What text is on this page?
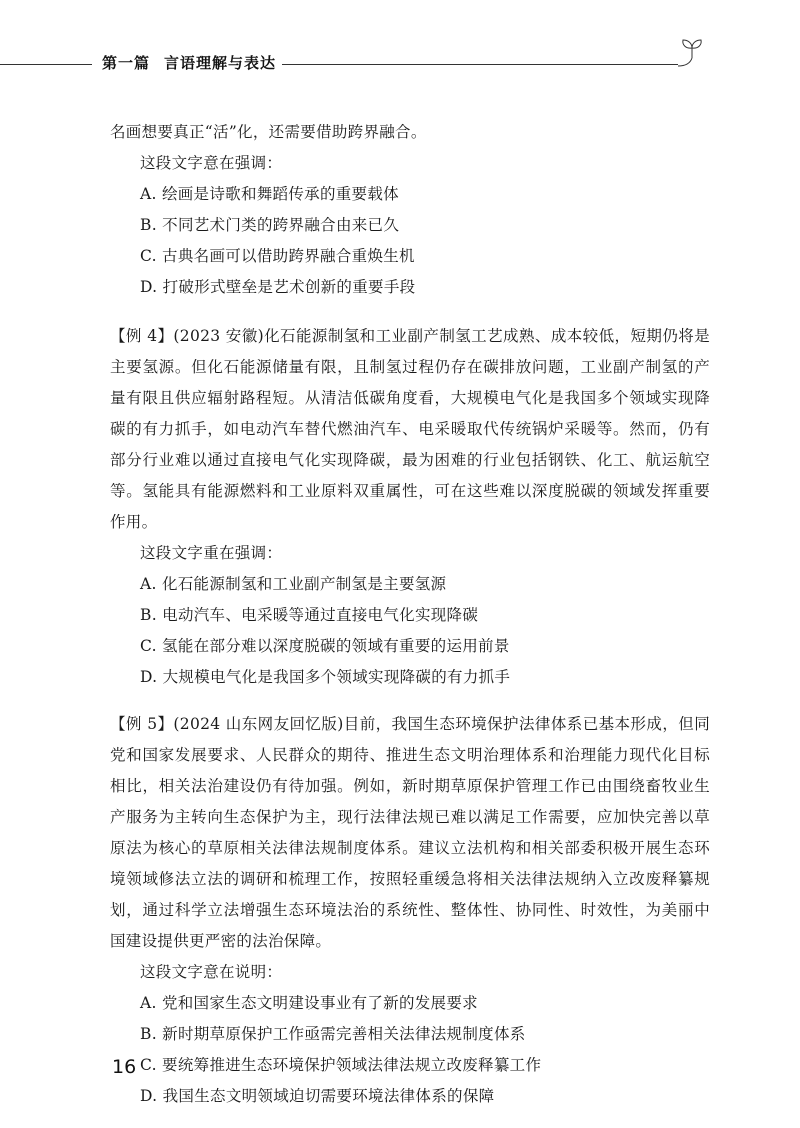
第一篇 言语理解与表达

名画想要真正“活”化，还需要借助跨界融合。

这段文字意在强调：

A. 绘画是诗歌和舞蹈传承的重要载体

B. 不同艺术门类的跨界融合由来已久

C. 古典名画可以借助跨界融合重焕生机

D. 打破形式壁垒是艺术创新的重要手段

【例 4】(2023 安徽)化石能源制氢和工业副产制氢工艺成熟、成本较低，短期仍将是主要氢源。但化石能源储量有限，且制氢过程仍存在碳排放问题，工业副产制氢的产量有限且供应辐射路程短。从清洁低碳角度看，大规模电气化是我国多个领域实现降碳的有力抓手，如电动汽车替代燃油汽车、电采暖取代传统锅炉采暖等。然而，仍有部分行业难以通过直接电气化实现降碳，最为困难的行业包括钢铁、化工、航运航空等。氢能具有能源燃料和工业原料双重属性，可在这些难以深度脱碳的领域发挥重要作用。

这段文字重在强调：

A. 化石能源制氢和工业副产制氢是主要氢源

B. 电动汽车、电采暖等通过直接电气化实现降碳

C. 氢能在部分难以深度脱碳的领域有重要的运用前景

D. 大规模电气化是我国多个领域实现降碳的有力抓手

【例 5】(2024 山东网友回忆版)目前，我国生态环境保护法律体系已基本形成，但同党和国家发展要求、人民群众的期待、推进生态文明治理体系和治理能力现代化目标相比，相关法治建设仍有待加强。例如，新时期草原保护管理工作已由围绕畜牧业生产服务为主转向生态保护为主，现行法律法规已难以满足工作需要，应加快完善以草原法为核心的草原相关法律法规制度体系。建议立法机构和相关部委积极开展生态环境领域修法立法的调研和梳理工作，按照轻重缓急将相关法律法规纳入立改废释纂规划，通过科学立法增强生态环境法治的系统性、整体性、协同性、时效性，为美丽中国建设提供更严密的法治保障。

这段文字意在说明：

A. 党和国家生态文明建设事业有了新的发展要求

B. 新时期草原保护工作亟需完善相关法律法规制度体系

C. 要统筹推进生态环境保护领域法律法规立改废释纂工作

D. 我国生态文明领域迫切需要环境法律体系的保障

16
